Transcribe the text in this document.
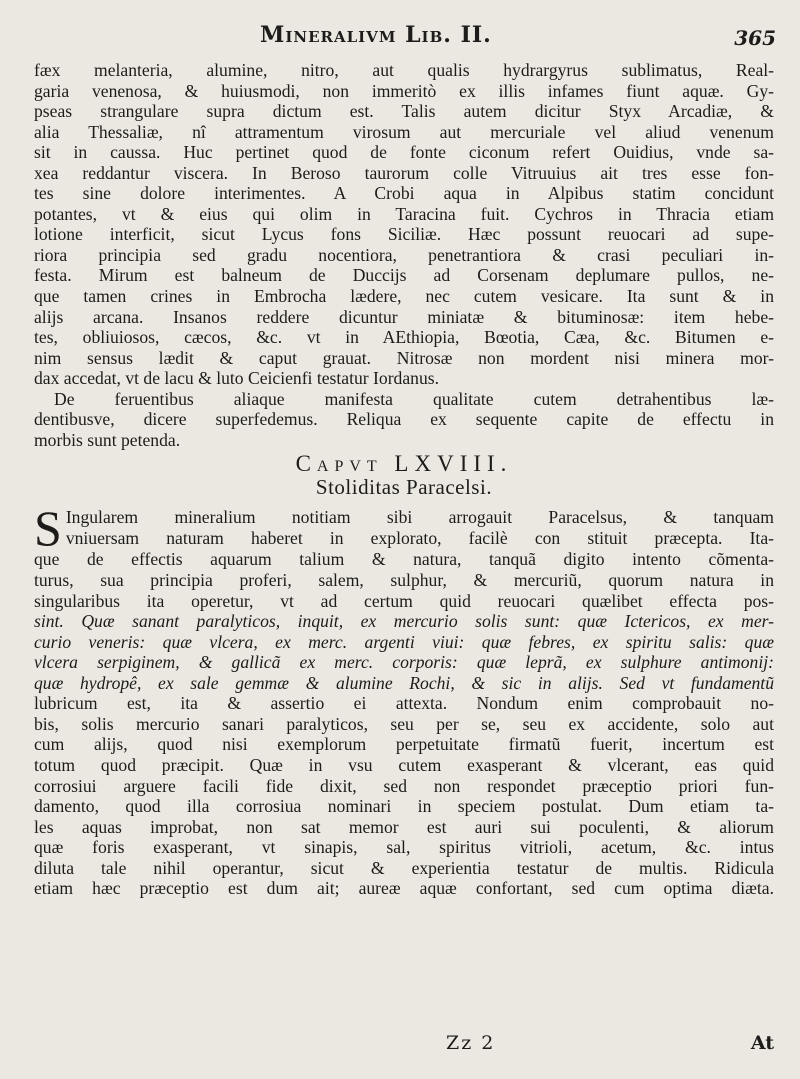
Mineralivm Lib. II.	365
fæx melanteria, alumine, nitro, aut qualis hydrargyrus sublimatus, Real-
garia venenosa, & huiusmodi, non immeritò ex illis infames fiunt aquæ. Gy-
pseas strangulare supra dictum est. Talis autem dicitur Styx Arcadiæ, &
alia Thessaliæ, nî attramentum virosum aut mercuriale vel aliud venenum
sit in caussa. Huc pertinet quod de fonte ciconum refert Ouidius, vnde sa-
xea reddantur viscera. In Beroso taurorum colle Vitruuius ait tres esse fon-
tes sine dolore interimentes. A Crobi aqua in Alpibus statim concidunt
potantes, vt & eius qui olim in Taracina fuit. Cychros in Thracia etiam
lotione interficit, sicut Lycus fons Siciliæ. Hæc possunt reuocari ad supe-
riora principia sed gradu nocentiora, penetrantiora & crasi peculiari in-
festa. Mirum est balneum de Duccijs ad Corsenam deplumare pullos, ne-
que tamen crines in Embrocha lædere, nec cutem vesicare. Ita sunt & in
alijs arcana. Insanos reddere dicuntur miniatæ & bituminosæ: item hebe-
tes, obliuiosos, cæcos, &c. vt in AEthiopia, Bœotia, Cæa, &c. Bitumen e-
nim sensus lædit & caput grauat. Nitrosæ non mordent nisi minera mor-
dax accedat, vt de lacu & luto Ceicienfi testatur Iordanus.
De feruentibus aliaque manifesta qualitate cutem detrahentibus læ-
dentibusve, dicere superfedemus. Reliqua ex sequente capite de effectu in
morbis sunt petenda.
Capvt LXVIII.
Stoliditas Paracelsi.
S Ingularem mineralium notitiam sibi arrogauit Paracelsus, & tanquam
vniuersam naturam haberet in explorato, facilè con stituit præcepta. Ita-
que de effectis aquarum talium & natura, tanquã digito intento cõmenta-
turus, sua principia proferi, salem, sulphur, & mercuriũ, quorum natura in
singularibus ita operetur, vt ad certum quid reuocari quælibet effecta pos-
sint. Quæ sanant paralyticos, inquit, ex mercurio solis sunt: quæ Ictericos, ex mer-
curio veneris: quæ vlcera, ex merc. argenti viui: quæ febres, ex spiritu salis: quæ
vlcera serpiginem, & gallicã ex merc. corporis: quæ leprã, ex sulphure antimonij:
quæ hydropê, ex sale gemmæ & alumine Rochi, & sic in alijs. Sed vt fundamentũ
lubricum est, ita & assertio ei attexta. Nondum enim comprobauit no-
bis, solis mercurio sanari paralyticos, seu per se, seu ex accidente, solo aut
cum alijs, quod nisi exemplorum perpetuitate firmatũ fuerit, incertum est
totum quod præcipit. Quæ in vsu cutem exasperant & vlcerant, eas quid
corrosiui arguere facili fide dixit, sed non respondet præceptio priori fun-
damento, quod illa corrosiua nominari in speciem postulat. Dum etiam ta-
les aquas improbat, non sat memor est auri sui poculenti, & aliorum
quæ foris exasperant, vt sinapis, sal, spiritus vitrioli, acetum, &c. intus
diluta tale nihil operantur, sicut & experientia testatur de multis. Ridicula
etiam hæc præceptio est dum ait; aureæ aquæ confortant, sed cum optima diæta.
Zz 2	At
